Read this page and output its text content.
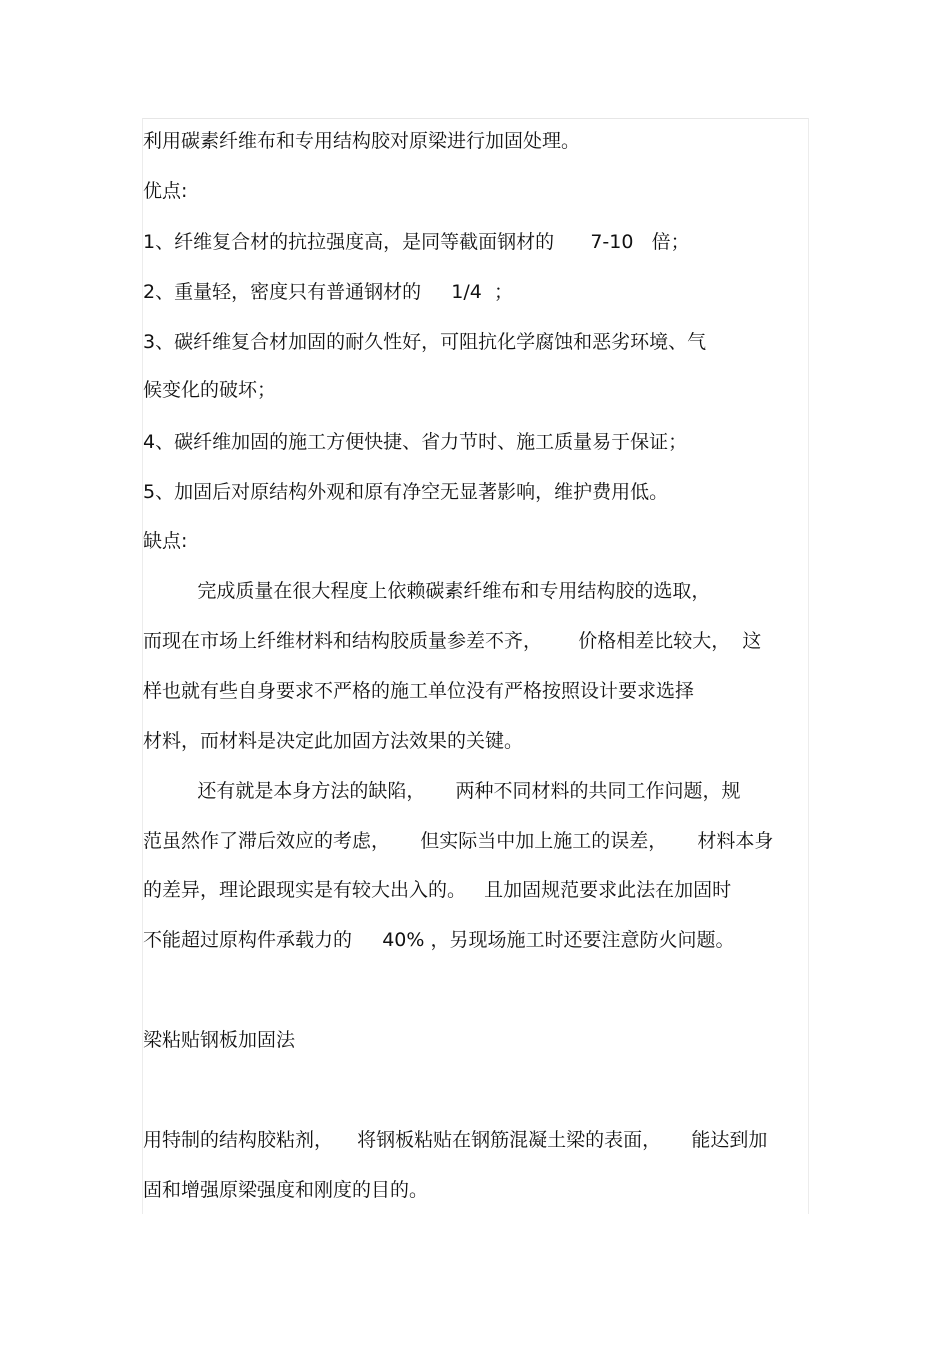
利用碳素纤维布和专用结构胶对原梁进行加固处理。
优点:
1、纤维复合材的抗拉强度高，是同等截面钢材的      7-10   倍；
2、重量轻，密度只有普通钢材的     1/4  ；
3、碳纤维复合材加固的耐久性好，可阻抗化学腐蚀和恶劣环境、气
候变化的破坏；
4、碳纤维加固的施工方便快捷、省力节时、施工质量易于保证；
5、加固后对原结构外观和原有净空无显著影响，维护费用低。
缺点:
完成质量在很大程度上依赖碳素纤维布和专用结构胶的选取，
而现在市场上纤维材料和结构胶质量参差不齐，      价格相差比较大，  这
样也就有些自身要求不严格的施工单位没有严格按照设计要求选择
材料，而材料是决定此加固方法效果的关键。
还有就是本身方法的缺陷，     两种不同材料的共同工作问题，规
范虽然作了滞后效应的考虑，     但实际当中加上施工的误差，     材料本身
的差异，理论跟现实是有较大出入的。   且加固规范要求此法在加固时
不能超过原构件承载力的     40% ，另现场施工时还要注意防火问题。
梁粘贴钢板加固法
用特制的结构胶粘剂，    将钢板粘贴在钢筋混凝土梁的表面，     能达到加
固和增强原梁强度和刚度的目的。
